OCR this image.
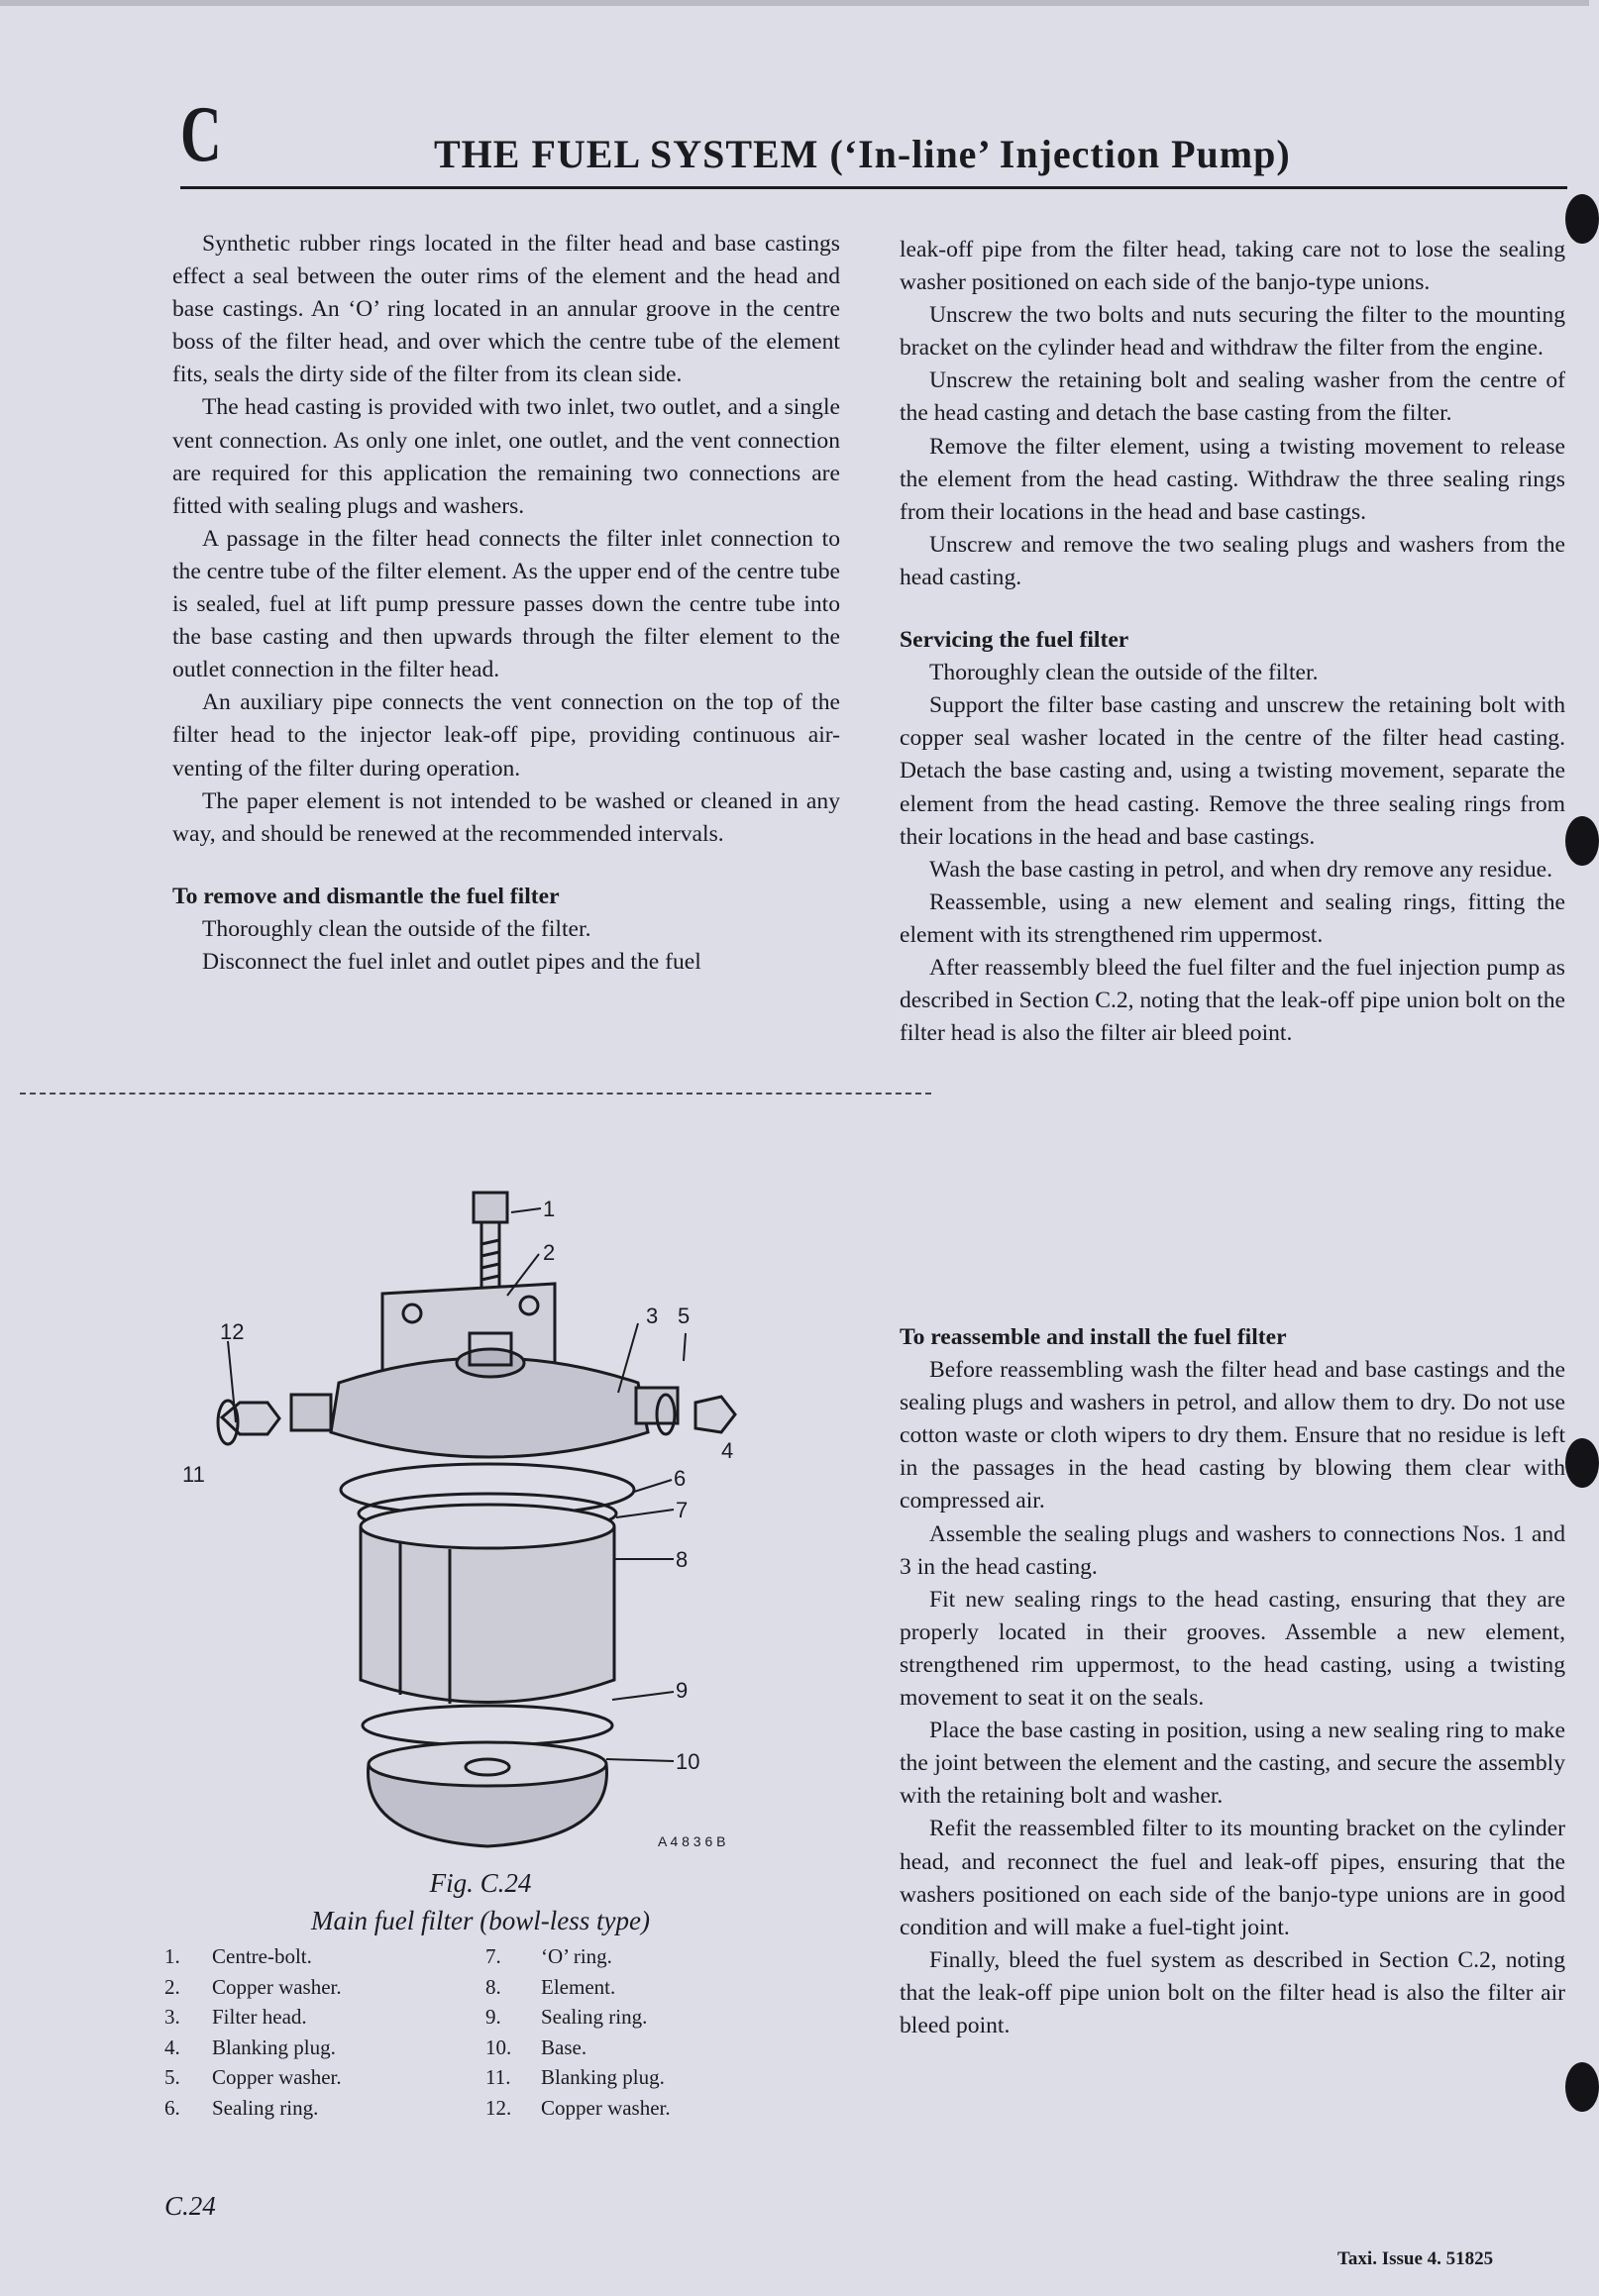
C	THE FUEL SYSTEM (‘In-line’ Injection Pump)

Synthetic rubber rings located in the filter head and base castings effect a seal between the outer rims of the element and the head and base castings. An ‘O’ ring located in an annular groove in the centre boss of the filter head, and over which the centre tube of the element fits, seals the dirty side of the filter from its clean side.

The head casting is provided with two inlet, two outlet, and a single vent connection. As only one inlet, one outlet, and the vent connection are required for this application the remaining two connections are fitted with sealing plugs and washers.

A passage in the filter head connects the filter inlet connection to the centre tube of the filter element. As the upper end of the centre tube is sealed, fuel at lift pump pressure passes down the centre tube into the base casting and then upwards through the filter element to the outlet connection in the filter head.

An auxiliary pipe connects the vent connection on the top of the filter head to the injector leak-off pipe, providing continuous air-venting of the filter during operation.

The paper element is not intended to be washed or cleaned in any way, and should be renewed at the recommended intervals.

To remove and dismantle the fuel filter

Thoroughly clean the outside of the filter.

Disconnect the fuel inlet and outlet pipes and the fuel

1
2
3 5
12
4
11	6
7
8
9
10
A 4 8 3 6 B
Fig. C.24
Main fuel filter (bowl-less type)
1.	Centre-bolt.
2.	Copper washer.
3.	Filter head.
4.	Blanking plug.
5.	Copper washer.
6.	Sealing ring.
7.	‘O’ ring.
8.	Element.
9.	Sealing ring.
10.	Base.
11.	Blanking plug.
12.	Copper washer.

leak-off pipe from the filter head, taking care not to lose the sealing washer positioned on each side of the banjo-type unions.

Unscrew the two bolts and nuts securing the filter to the mounting bracket on the cylinder head and withdraw the filter from the engine.

Unscrew the retaining bolt and sealing washer from the centre of the head casting and detach the base casting from the filter.

Remove the filter element, using a twisting movement to release the element from the head casting. Withdraw the three sealing rings from their locations in the head and base castings.

Unscrew and remove the two sealing plugs and washers from the head casting.

Servicing the fuel filter

Thoroughly clean the outside of the filter.

Support the filter base casting and unscrew the retaining bolt with copper seal washer located in the centre of the filter head casting. Detach the base casting and, using a twisting movement, separate the element from the head casting. Remove the three sealing rings from their locations in the head and base castings.

Wash the base casting in petrol, and when dry remove any residue.

Reassemble, using a new element and sealing rings, fitting the element with its strengthened rim uppermost.

After reassembly bleed the fuel filter and the fuel injection pump as described in Section C.2, noting that the leak-off pipe union bolt on the filter head is also the filter air bleed point.

To reassemble and install the fuel filter

Before reassembling wash the filter head and base castings and the sealing plugs and washers in petrol, and allow them to dry. Do not use cotton waste or cloth wipers to dry them. Ensure that no residue is left in the passages in the head casting by blowing them clear with compressed air.

Assemble the sealing plugs and washers to connections Nos. 1 and 3 in the head casting.

Fit new sealing rings to the head casting, ensuring that they are properly located in their grooves. Assemble a new element, strengthened rim uppermost, to the head casting, using a twisting movement to seat it on the seals.

Place the base casting in position, using a new sealing ring to make the joint between the element and the casting, and secure the assembly with the retaining bolt and washer.

Refit the reassembled filter to its mounting bracket on the cylinder head, and reconnect the fuel and leak-off pipes, ensuring that the washers positioned on each side of the banjo-type unions are in good condition and will make a fuel-tight joint.

Finally, bleed the fuel system as described in Section C.2, noting that the leak-off pipe union bolt on the filter head is also the filter air bleed point.

C.24
Taxi. Issue 4. 51825
